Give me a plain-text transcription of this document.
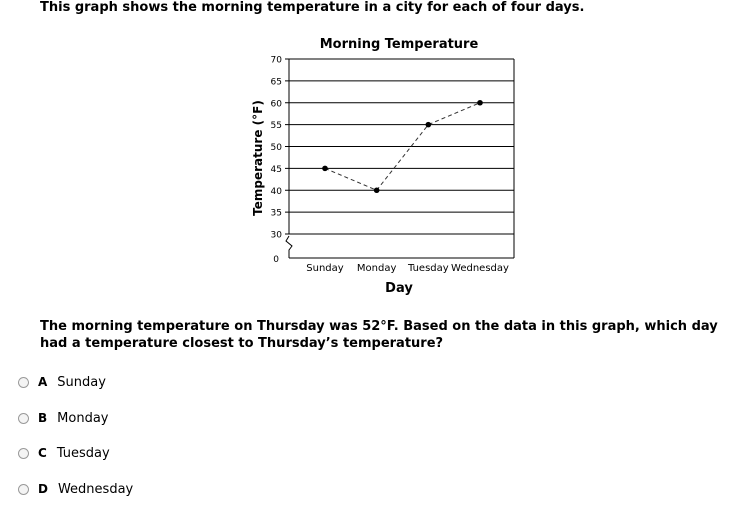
This graph shows the morning temperature in a city for each of four days.
Morning Temperature
70
65
60
55
50
45
40
35
30
0
Sunday Monday Tuesday Wednesday
Day
Temperature (°F)
The morning temperature on Thursday was 52°F. Based on the data in this graph, which day had a temperature closest to Thursday’s temperature?
A Sunday
B Monday
C Tuesday
D Wednesday
